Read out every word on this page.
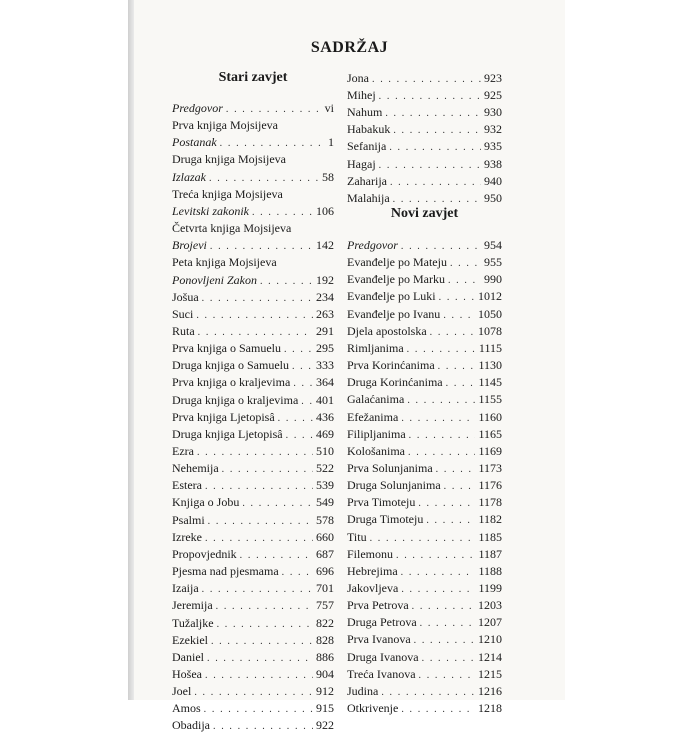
SADRŽAJ
Stari zavjet
Predgovor . . .	vi
Prva knjiga Mojsijeva
Postanak . . .	1
Druga knjiga Mojsijeva
Izlazak . . .	58
Treća knjiga Mojsijeva
Levitski zakonik . . .	106
Četvrta knjiga Mojsijeva
Brojevi . . .	142
Peta knjiga Mojsijeva
Ponovljeni Zakon . . .	192
Jošua . . .	234
Suci . . .	263
Ruta . . .	291
Prva knjiga o Samuelu . . .	295
Druga knjiga o Samuelu . . . 333
Prva knjiga o kraljevima . . . 364
Druga knjiga o kraljevima . . . 401
Prva knjiga Ljetopisâ . . .	436
Druga knjiga Ljetopisâ . . .	469
Ezra . . .	510
Nehemija . . .	522
Estera . . .	539
Knjiga o Jobu . . .	549
Psalmi . . .	578
Izreke . . .	660
Propovjednik . . .	687
Pjesma nad pjesmama . . .	696
Izaija . . .	701
Jeremija . . .	757
Tužaljke . . .	822
Ezekiel . . .	828
Daniel . . .	886
Hošea . . .	904
Joel . . .	912
Amos . . .	915
Obadija . . .	922
Novi zavjet
Jona . . .	923
Mihej . . .	925
Nahum . . .	930
Habakuk . . .	932
Sefanija . . .	935
Hagaj . . .	938
Zaharija . . .	940
Malahija . . .	950
Predgovor . . .	954
Evanđelje po Mateju . . .	955
Evanđelje po Marku . . .	990
Evanđelje po Luki . . .	1012
Evanđelje po Ivanu . . .	1050
Djela apostolska . . .	1078
Rimljanima . . .	1115
Prva Korinćanima . . .	1130
Druga Korinćanima . . .	1145
Galaćanima . . .	1155
Efežanima . . .	1160
Filipljanima . . .	1165
Kološanima . . .	1169
Prva Solunjanima . . .	1173
Druga Solunjanima . . .	1176
Prva Timoteju . . .	1178
Druga Timoteju . . .	1182
Titu . . .	1185
Filemonu . . .	1187
Hebrejima . . .	1188
Jakovljeva . . .	1199
Prva Petrova . . .	1203
Druga Petrova . . .	1207
Prva Ivanova . . .	1210
Druga Ivanova . . .	1214
Treća Ivanova . . .	1215
Judina . . .	1216
Otkrivenje . . .	1218
